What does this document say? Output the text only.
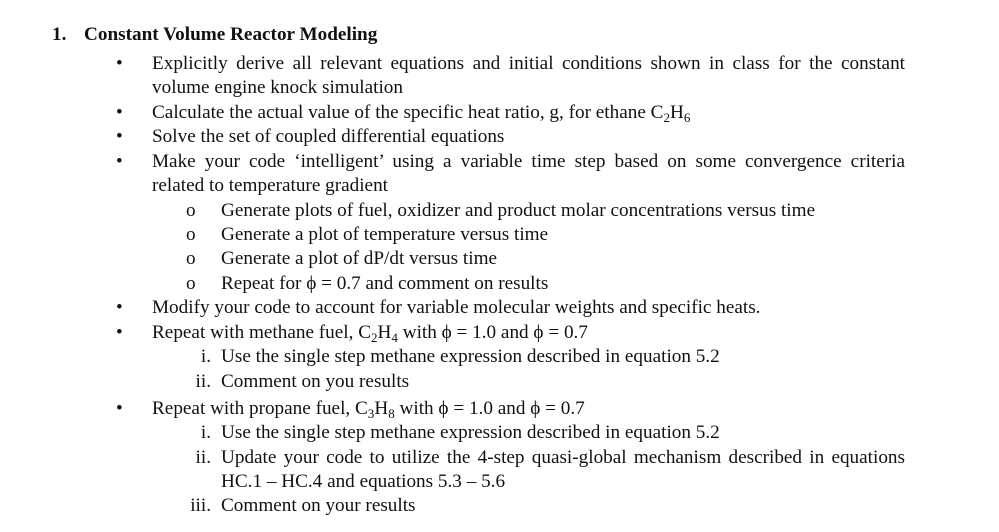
1. Constant Volume Reactor Modeling
• Explicitly derive all relevant equations and initial conditions shown in class for the constant volume engine knock simulation
• Calculate the actual value of the specific heat ratio, g, for ethane $C_2H_6$
• Solve the set of coupled differential equations
• Make your code ‘intelligent’ using a variable time step based on some convergence criteria related to temperature gradient
o Generate plots of fuel, oxidizer and product molar concentrations versus time
o Generate a plot of temperature versus time
o Generate a plot of dP/dt versus time
o Repeat for ϕ = 0.7 and comment on results
• Modify your code to account for variable molecular weights and specific heats.
• Repeat with methane fuel, $C_2H_4$ with ϕ = 1.0 and ϕ = 0.7
i. Use the single step methane expression described in equation 5.2
ii. Comment on you results
• Repeat with propane fuel, $C_3H_8$ with ϕ = 1.0 and ϕ = 0.7
i. Use the single step methane expression described in equation 5.2
ii. Update your code to utilize the 4-step quasi-global mechanism described in equations HC.1 – HC.4 and equations 5.3 – 5.6
iii. Comment on your results
